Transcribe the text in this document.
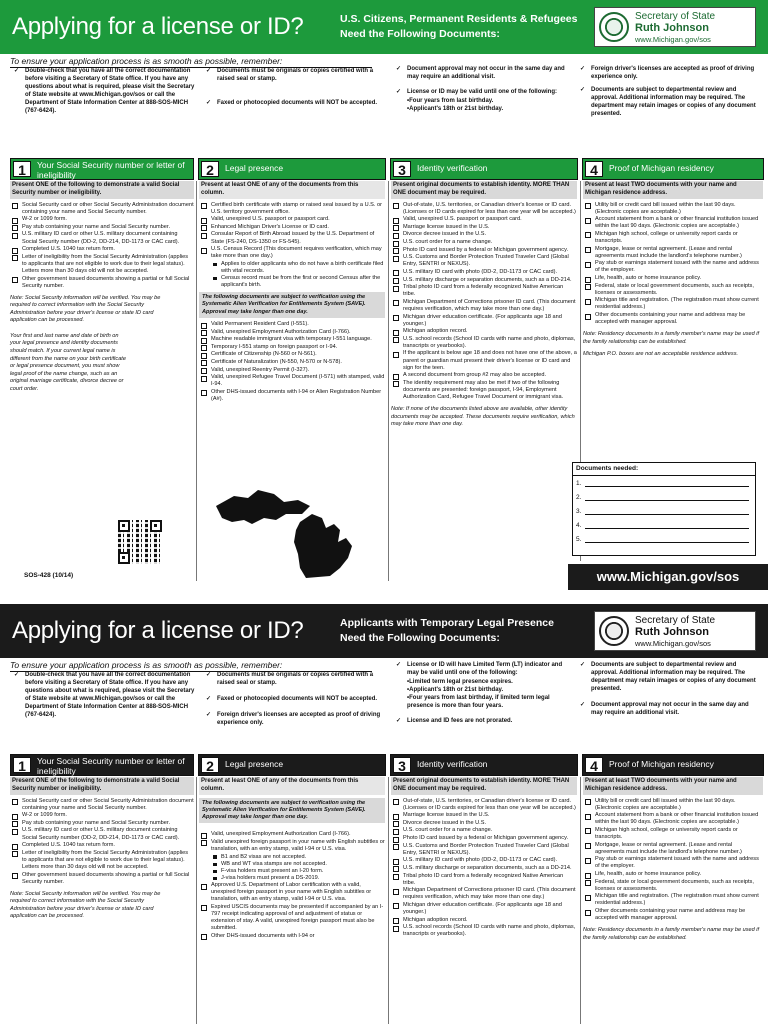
Applying for a license or ID?	U.S. Citizens, Permanent Residents & Refugees
Need the Following Documents:
Secretary of State
Ruth Johnson
www.Michigan.gov/sos
To ensure your application process is as smooth as possible, remember:

✓ Double-check that you have all the correct documentation before visiting a Secretary of State office. If you have any questions about what is required, please visit the Secretary of State website at www.Michigan.gov/sos or call the Department of State Information Center at 888-SOS-MICH (767-6424).

✓ Documents must be originals or copies certified with a raised seal or stamp.

✓ Faxed or photocopied documents will NOT be accepted.

✓ Document approval may not occur in the same day and may require an additional visit.

✓ License or ID may be valid until one of the following:

• Four years from last birthday.
• Applicant's 18th or 21st birthday.

✓ Foreign driver's licenses are accepted as proof of driving experience only.

✓ Documents are subject to departmental review and approval. Additional information may be required. The department may retain images or copies of any document presented.

1	Your Social Security number or letter of ineligibility	2	Legal presence	3	Identity verification	4	Proof of Michigan residency
Present ONE of the following to demonstrate a valid Social Security number or ineligibility.
Social Security card or other Social Security Administration document containing your name and Social Security number.
W-2 or 1099 form.
Pay stub containing your name and Social Security number.
U.S. military ID card or other U.S. military document containing Social Security number (DD-2, DD-214, DD-1173 or CAC card).
Completed U.S. 1040 tax return form.
Letter of ineligibility from the Social Security Administration (applies to applicants that are not eligible to work due to their legal status). Letters more than 30 days old will not be accepted.
Other government issued documents showing a partial or full Social Security number.
Note: Social Security information will be verified. You may be required to correct information with the Social Security Administration before your driver's license or state ID card application can be processed.
Your first and last name and date of birth on your legal presence and identity documents should match. If your current legal name is different from the name on your birth certificate or legal presence document, you must show legal proof of the name change, such as an original marriage certificate, divorce decree or court order.
SOS-428 (10/14)
Present at least ONE of any of the documents from this column.
Certified birth certificate with stamp or raised seal issued by a U.S. or U.S. territory government office.
Valid, unexpired U.S. passport or passport card.
Enhanced Michigan Driver's License or ID card.
Consular Report of Birth Abroad issued by the U.S. Department of State (FS-240, DS-1350 or FS-545).
U.S. Census Record (This document requires verification, which may take more than one day.)
Applies to older applicants who do not have a birth certificate filed with vital records.
Census record must be from the first or second Census after the applicant's birth.
The following documents are subject to verification using the Systematic Alien Verification for Entitlements System (SAVE). Approval may take longer than one day.
Valid Permanent Resident Card (I-551).
Valid, unexpired Employment Authorization Card (I-766).
Machine readable immigrant visa with temporary I-551 language.
Temporary I-551 stamp on foreign passport or I-94.
Certificate of Citizenship (N-560 or N-561).
Certificate of Naturalization (N-550, N-570 or N-578).
Valid, unexpired Reentry Permit (I-327).
Valid, unexpired Refugee Travel Document (I-571) with stamped, valid I-94.
Other DHS-issued documents with I-94 or Alien Registration Number (A#).
Present original documents to establish identity. MORE THAN ONE document may be required.
Out-of-state, U.S. territories, or Canadian driver's license or ID card. (Licenses or ID cards expired for less than one year will be accepted.)
Valid, unexpired U.S. passport or passport card.
Marriage license issued in the U.S.
Divorce decree issued in the U.S.
U.S. court order for a name change.
Photo ID card issued by a federal or Michigan government agency.
U.S. Customs and Border Protection Trusted Traveler Card (Global Entry, SENTRI or NEXUS).
U.S. military ID card with photo (DD-2, DD-1173 or CAC card).
U.S. military discharge or separation documents, such as a DD-214.
Tribal photo ID card from a federally recognized Native American tribe.
Michigan Department of Corrections prisoner ID card. (This document requires verification, which may take more than one day.)
Michigan driver education certificate. (For applicants age 18 and younger.)
Michigan adoption record.
U.S. school records (School ID cards with name and photo, diplomas, transcripts or yearbooks).
If the applicant is below age 18 and does not have one of the above, a parent or guardian must present their driver's license or ID card and sign for the teen.
A second document from group #2 may also be accepted.
The identity requirement may also be met if two of the following documents are presented: foreign passport, I-94, Employment Authorization Card, Refugee Travel Document or immigrant visa.
Note: If none of the documents listed above are available, other identity documents may be accepted. These documents require verification, which may take more than one day.
Present at least TWO documents with your name and Michigan residence address.
Utility bill or credit card bill issued within the last 90 days. (Electronic copies are acceptable.)
Account statement from a bank or other financial institution issued within the last 90 days. (Electronic copies are acceptable.)
Michigan high school, college or university report cards or transcripts.
Mortgage, lease or rental agreement. (Lease and rental agreements must include the landlord's telephone number.)
Pay stub or earnings statement issued with the name and address of the employer.
Life, health, auto or home insurance policy.
Federal, state or local government documents, such as receipts, licenses or assessments.
Michigan title and registration. (The registration must show current residential address.)
Other documents containing your name and address may be accepted with manager approval.
Note: Residency documents in a family member's name may be used if the family relationship can be established.
Michigan P.O. boxes are not an acceptable residence address.
Documents needed:
1.
2.
3.
4.
5.
www.Michigan.gov/sos
Applying for a license or ID?	Applicants with Temporary Legal Presence
Need the Following Documents:
Secretary of State
Ruth Johnson
www.Michigan.gov/sos
To ensure your application process is as smooth as possible, remember:

✓ Double-check that you have all the correct documentation before visiting a Secretary of State office. If you have any questions about what is required, please visit the Secretary of State website at www.Michigan.gov/sos or call the Department of State Information Center at 888-SOS-MICH (767-6424).

✓ Documents must be originals or copies certified with a raised seal or stamp.

✓ Faxed or photocopied documents will NOT be accepted.

✓ Foreign driver's licenses are accepted as proof of driving experience only.

✓ License or ID will have Limited Term (LT) indicator and may be valid until one of the following:

• Limited term legal presence expires.
• Applicant's 18th or 21st birthday.
• Four years from last birthday, if limited term legal presence is more than four years.

✓ License and ID fees are not prorated.

✓ Documents are subject to departmental review and approval. Additional information may be required. The department may retain images or copies of any document presented.

✓ Document approval may not occur in the same day and may require an additional visit.

1	Your Social Security number or letter of ineligibility	2	Legal presence	3	Identity verification	4	Proof of Michigan residency
Present ONE of the following to demonstrate a valid Social Security number or ineligibility.
Social Security card or other Social Security Administration document containing your name and Social Security number.
W-2 or 1099 form.
Pay stub containing your name and Social Security number.
U.S. military ID card or other U.S. military document containing Social Security number (DD-2, DD-214, DD-1173 or CAC card).
Completed U.S. 1040 tax return form.
Letter of ineligibility from the Social Security Administration (applies to applicants that are not eligible to work due to their legal status). Letters more than 30 days old will not be accepted.
Other government issued documents showing a partial or full Social Security number.
Note: Social Security information will be verified. You may be required to correct information with the Social Security Administration before your driver's license or state ID card application can be processed.
Present at least ONE of any of the documents from this column.
The following documents are subject to verification using the Systematic Alien Verification for Entitlements System (SAVE). Approval may take longer than one day.
Valid, unexpired Employment Authorization Card (I-766).
Valid unexpired foreign passport in your name with English subtitles or translation, with an entry stamp, valid I-94 or U.S. visa.
B1 and B2 visas are not accepted.
WB and WT visa stamps are not accepted.
F-visa holders must present an I-20 form.
J-visa holders must present a DS-2019.
Approved U.S. Department of Labor certification with a valid, unexpired foreign passport in your name with English subtitles or translation, with an entry stamp, valid I-94 or U.S. visa.
Expired USCIS documents may be presented if accompanied by an I-797 receipt indicating approval of and adjustment of status or extension of stay. A valid, unexpired foreign passport must also be submitted.
Other DHS-issued documents with I-94 or
Present original documents to establish identity. MORE THAN ONE document may be required.
Out-of-state, U.S. territories, or Canadian driver's license or ID card. (Licenses or ID cards expired for less than one year will be accepted.)
Marriage license issued in the U.S.
Divorce decree issued in the U.S.
U.S. court order for a name change.
Photo ID card issued by a federal or Michigan government agency.
U.S. Customs and Border Protection Trusted Traveler Card (Global Entry, SENTRI or NEXUS).
U.S. military ID card with photo (DD-2, DD-1173 or CAC card).
U.S. military discharge or separation documents, such as a DD-214.
Tribal photo ID card from a federally recognized Native American tribe.
Michigan Department of Corrections prisoner ID card. (This document requires verification, which may take more than one day.)
Michigan driver education certificate. (For applicants age 18 and younger.)
Michigan adoption record.
U.S. school records (School ID cards with name and photo, diplomas, transcripts or yearbooks).
Present at least TWO documents with your name and Michigan residence address.
Utility bill or credit card bill issued within the last 90 days. (Electronic copies are acceptable.)
Account statement from a bank or other financial institution issued within the last 90 days. (Electronic copies are acceptable.)
Michigan high school, college or university report cards or transcripts.
Mortgage, lease or rental agreement. (Lease and rental agreements must include the landlord's telephone number.)
Pay stub or earnings statement issued with the name and address of the employer.
Life, health, auto or home insurance policy.
Federal, state or local government documents, such as receipts, licenses or assessments.
Michigan title and registration. (The registration must show current residential address.)
Other documents containing your name and address may be accepted with manager approval.
Note: Residency documents in a family member's name may be used if the family relationship can be established.
